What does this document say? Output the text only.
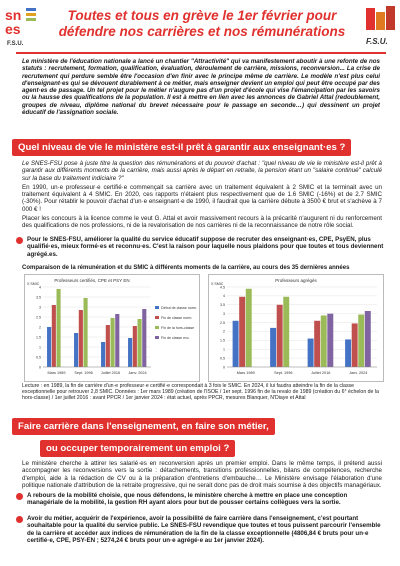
sn
es
F.S.U.
Toutes et tous en grève le 1er février pour
défendre nos carrières et nos rémunérations
F.S.U.
Le ministère de l'éducation nationale a lancé un chantier "Attractivité" qui va manifestement aboutir à une refonte de nos statuts : recrutement, formation, qualification, évaluation, déroulement de carrière, missions, reconversion... La crise de recrutement qui perdure semble être l'occasion d'en finir avec le principe même de carrière. Le modèle n'est plus celui d'enseignant·es qui se dévouent durablement à ce métier, mais enseigner devient un emploi qui peut être occupé par des agent·es de passage. Un tel projet pour le métier n'augure pas d'un projet d'école qui vise l'émancipation par les savoirs ou la hausse des qualifications de la population. Il est à mettre en lien avec les annonces de Gabriel Attal (redoublement, groupes de niveau, diplôme national du brevet nécessaire pour le passage en seconde…) qui dessinent un projet éducatif de l'assignation sociale.
Quel niveau de vie le ministère est-il prêt à garantir aux enseignant·es ?

Le SNES-FSU pose à juste titre la question des rémunérations et du pouvoir d'achat : "quel niveau de vie le ministère est-il prêt à garantir aux différents moments de la carrière, mais aussi après le départ en retraite, la pension étant un "salaire continué" calculé sur la base du traitement indiciaire ?"

En 1990, un·e professeur·e certifié·e commençait sa carrière avec un traitement équivalent à 2 SMIC et la terminait avec un traitement équivalent à 4 SMIC. En 2020, ces rapports n'étaient plus respectivement que de 1.6 SMIC (-16%) et de 2.7 SMIC (-30%). Pour rétablir le pouvoir d'achat d'un·e enseignant·e de 1990, il faudrait que la carrière débute à 3500 € brut et s'achève à 7 000 € !

Placer les concours à la licence comme le veut G. Attal et avoir massivement recours à la précarité n'augurent ni du renforcement des qualifications de nos professions, ni de la revalorisation de nos carrières ni de la reconnaissance de notre rôle social.

Pour le SNES-FSU, améliorer la qualité du service éducatif suppose de recruter des enseignant·es, CPE, PsyEN, plus qualifié·es, mieux formé·es et reconnu·es. C'est la raison pour laquelle nous plaidons pour que toutes et tous deviennent agrégé.es.
Comparaison de la rémunération et du SMIC à différents moments de la carrière, au cours des 35 dernières années
Professeurs certifiés, CPE et PSY EN
X SMIC
0
0.5
1
1.5
2
2.5
3
3.5
4
Mars 1989 Sept. 1996 Juillet 2016 Janv. 2024
Début de classe norm.
Fin de classe norm.
Fin de la hors-classe
Fin de classe exc.
Professeurs agrégés
X SMIC
0
0.5
1
1.5
2
2.5
3
3.5
4
4.5
Mars 1989	Sept. 1996	Juillet 2016	Janv. 2024
Lecture : en 1989, la fin de carrière d'un·e professeur·e certifié·e correspondait à 3 fois le SMIC. En 2024, il lui faudra atteindre la fin de la classe exceptionnelle pour retrouver 2,8 SMIC. Données : 1er mars 1989 (création de l'ISOE / 1er sept. 1996 fin de la revalo de 1989 (création du 6° échelon de la hors-classe) / 1er juillet 2016 : avant PPCR / 1er janvier 2024 : état actuel, après PPCR, mesures Blanquer, N'Diaye et Attal
Faire carrière dans l'enseignement, en faire son métier,
ou occuper temporairement un emploi ?

Le ministère cherche à attirer les salarié·es en reconversion après un premier emploi. Dans le même temps, il prétend aussi accompagner les reconversions vers la sortie : détachements, transitions professionnelles, bilans de compétences, recherche d'emploi, aide à la rédaction de CV ou à la préparation d'entretiens d'embauche… Le Ministère envisage l'élaboration d'une politique nationale d'attribution de la retraite progressive, qui ne serait donc pas de droit mais soumise à des objectifs managériaux.

A rebours de la mobilité choisie, que nous défendons, le ministère cherche à mettre en place une conception managériale de la mobilité, la gestion RH ayant alors pour but de pousser certains collègues vers la sortie.
Avoir du métier, acquérir de l'expérience, avoir la possibilité de faire carrière dans l'enseignement, c'est pourtant souhaitable pour la qualité du service public. Le SNES-FSU revendique que toutes et tous puissent parcourir l'ensemble de la carrière et accéder aux indices de rémunération de la fin de la classe exceptionnelle (4806,84 € bruts pour un·e certifié·e, CPE, PSY-EN ; 5274,24 € bruts pour un·e agrégé·e au 1er janvier 2024).
